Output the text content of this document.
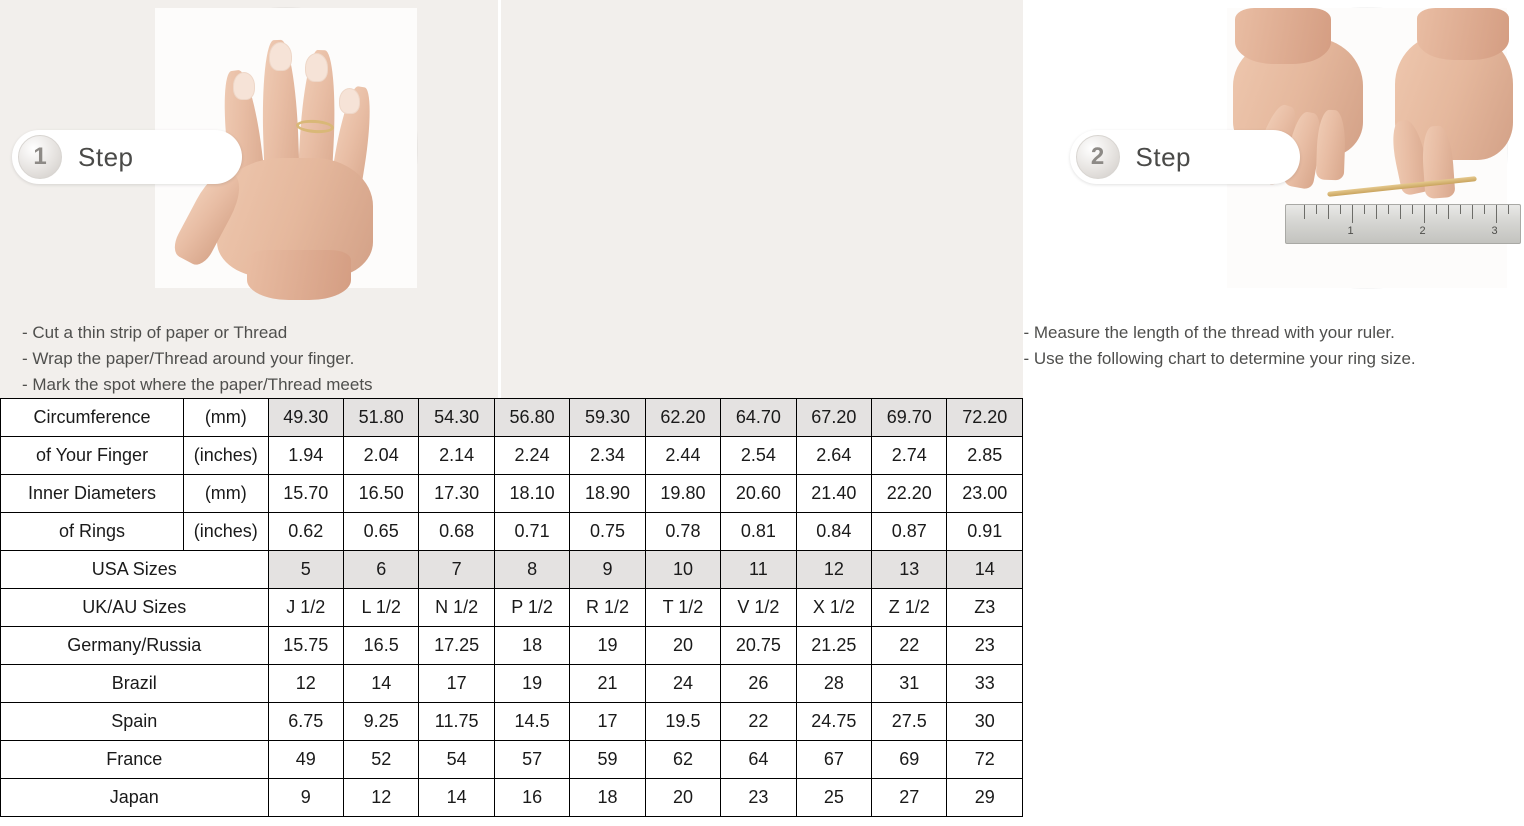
1	Step
- Cut a thin strip of paper or Thread
- Wrap the paper/Thread around your finger.
- Mark the spot where the paper/Thread meets
1	2	3
2	Step
- Measure the length of the thread with your ruler.
- Use the following chart to determine your ring size.
Circumference	(mm)	49.30	51.80	54.30	56.80	59.30	62.20	64.70	67.20	69.70	72.20
of Your Finger	(inches)	1.94	2.04	2.14	2.24	2.34	2.44	2.54	2.64	2.74	2.85
Inner Diameters	(mm)	15.70	16.50	17.30	18.10	18.90	19.80	20.60	21.40	22.20	23.00
of Rings	(inches)	0.62	0.65	0.68	0.71	0.75	0.78	0.81	0.84	0.87	0.91
USA Sizes		5	6	7	8	9	10	11	12	13	14
UK/AU Sizes		J 1/2	L 1/2	N 1/2	P 1/2	R 1/2	T 1/2	V 1/2	X 1/2	Z 1/2	Z3
Germany/Russia		15.75	16.5	17.25	18	19	20	20.75	21.25	22	23
Brazil		12	14	17	19	21	24	26	28	31	33
Spain		6.75	9.25	11.75	14.5	17	19.5	22	24.75	27.5	30
France		49	52	54	57	59	62	64	67	69	72
Japan		9	12	14	16	18	20	23	25	27	29
